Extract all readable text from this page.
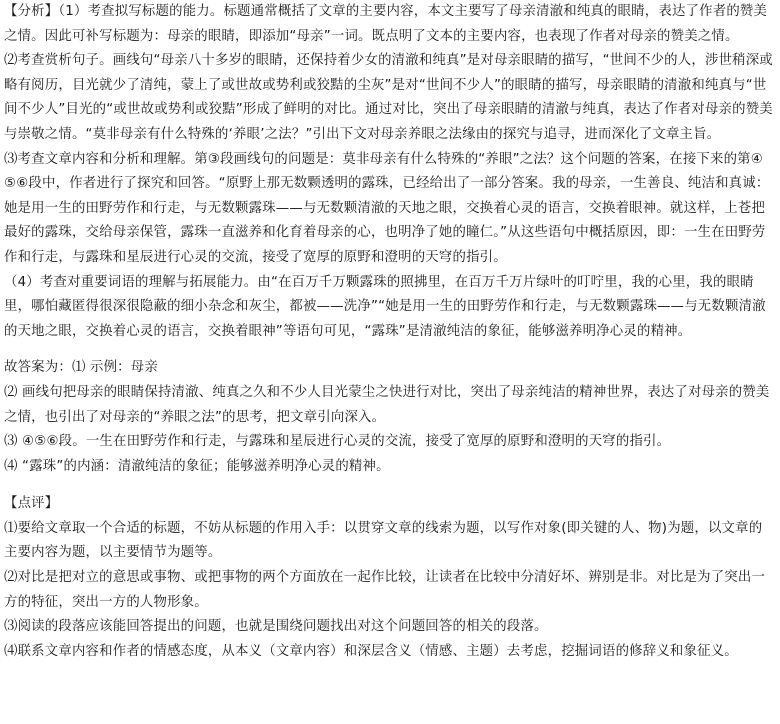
【分析】（1）考查拟写标题的能力。标题通常概括了文章的主要内容，本文主要写了母亲清澈和纯真的眼睛，表达了作者的赞美之情。因此可补写标题为：母亲的眼睛，即添加“母亲”一词。既点明了文本的主要内容，也表现了作者对母亲的赞美之情。

⑵考查赏析句子。画线句“母亲八十多岁的眼睛，还保持着少女的清澈和纯真”是对母亲眼睛的描写，“世间不少的人，涉世稍深或略有阅历，目光就少了清纯，蒙上了或世故或势利或狡黠的尘灰”是对“世间不少人”的眼睛的描写，母亲眼睛的清澈和纯真与“世间不少人”目光的“或世故或势利或狡黠”形成了鲜明的对比。通过对比，突出了母亲眼睛的清澈与纯真，表达了作者对母亲的赞美与崇敬之情。“莫非母亲有什么特殊的‘养眼’之法？”引出下文对母亲养眼之法缘由的探究与追寻，进而深化了文章主旨。

⑶考查文章内容和分析和理解。第③段画线句的问题是：莫非母亲有什么特殊的“养眼”之法？这个问题的答案，在接下来的第④⑤⑥段中，作者进行了探究和回答。“原野上那无数颗透明的露珠，已经给出了一部分答案。我的母亲，一生善良、纯洁和真诚：她是用一生的田野劳作和行走，与无数颗露珠——与无数颗清澈的天地之眼，交换着心灵的语言，交换着眼神。就这样，上苍把最好的露珠，交给母亲保管，露珠一直滋养和化育着母亲的心，也明净了她的瞳仁。”从这些语句中概括原因，即：一生在田野劳作和行走，与露珠和星辰进行心灵的交流，接受了宽厚的原野和澄明的天穹的指引。

（4）考查对重要词语的理解与拓展能力。由“在百万千万颗露珠的照拂里，在百万千万片绿叶的叮咛里，我的心里，我的眼睛里，哪怕藏匿得很深很隐蔽的细小杂念和灰尘，都被——洗净”“她是用一生的田野劳作和行走，与无数颗露珠——与无数颗清澈的天地之眼，交换着心灵的语言，交换着眼神”等语句可见，“露珠”是清澈纯洁的象征，能够滋养明净心灵的精神。

故答案为：⑴ 示例：母亲

⑵ 画线句把母亲的眼睛保持清澈、纯真之久和不少人目光蒙尘之快进行对比，突出了母亲纯洁的精神世界，表达了对母亲的赞美之情，也引出了对母亲的“养眼之法”的思考，把文章引向深入。

⑶ ④⑤⑥段。一生在田野劳作和行走，与露珠和星辰进行心灵的交流，接受了宽厚的原野和澄明的天穹的指引。

⑷ “露珠”的内涵：清澈纯洁的象征；能够滋养明净心灵的精神。

【点评】

⑴要给文章取一个合适的标题，不妨从标题的作用入手：以贯穿文章的线索为题，以写作对象(即关键的人、物)为题，以文章的主要内容为题，以主要情节为题等。

⑵对比是把对立的意思或事物、或把事物的两个方面放在一起作比较，让读者在比较中分清好坏、辨别是非。对比是为了突出一方的特征，突出一方的人物形象。

⑶阅读的段落应该能回答提出的问题，也就是围绕问题找出对这个问题回答的相关的段落。

⑷联系文章内容和作者的情感态度，从本义（文章内容）和深层含义（情感、主题）去考虑，挖掘词语的修辞义和象征义。
